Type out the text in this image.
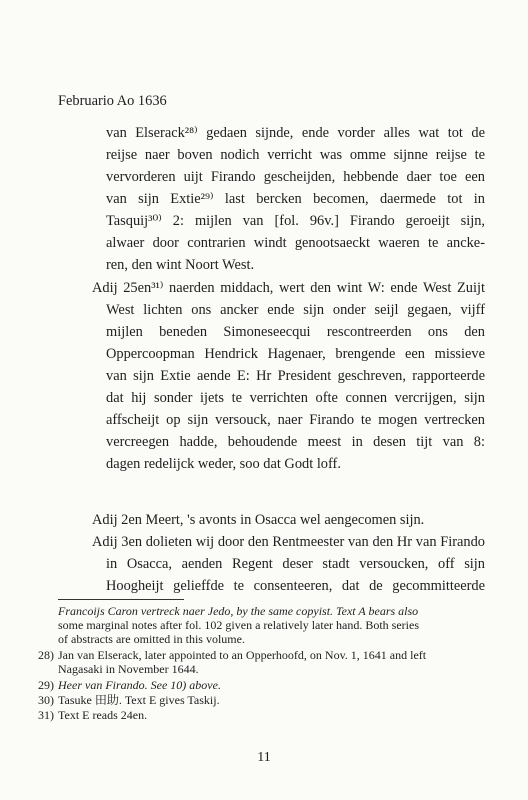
Februario Ao 1636
van Elserack²⁸⁾ gedaen sijnde, ende vorder alles wat tot de
reijse naer boven nodich verricht was omme sijnne reijse te
vervorderen uijt Firando gescheijden, hebbende daer toe een
van sijn Extie²⁹⁾ last bercken becomen, daermede tot in
Tasquij³⁰⁾ 2: mijlen van [fol. 96v.] Firando geroeijt sijn,
alwaer door contrarien windt genootsaeckt waeren te ancke-
ren, den wint Noort West.
Adij 25en³¹⁾ naerden middach, wert den wint W: ende West Zuijt
West lichten ons ancker ende sijn onder seijl gegaen, vijff
mijlen beneden Simoneseecqui rescontreerden ons den
Oppercoopman Hendrick Hagenaer, brengende een missieve
van sijn Extie aende E: Hr President geschreven, rapporteerde
dat hij sonder ijets te verrichten ofte connen vercrijgen, sijn
affscheijt op sijn versouck, naer Firando te mogen vertrecken
vercreegen hadde, behoudende meest in desen tijt van 8:
dagen redelijck weder, soo dat Godt loff.
Adij 2en Meert, 's avonts in Osacca wel aengecomen sijn.
Adij 3en dolieten wij door den Rentmeester van den Hr van Firando
in Osacca, aenden Regent deser stadt versoucken, off sijn
Hoogheijt gelieffde te consenteeren, dat de gecommitteerde
Francoijs Caron vertreck naer Jedo, by the same copyist. Text A bears also
some marginal notes after fol. 102 given a relatively later hand. Both series
of abstracts are omitted in this volume.
28) Jan van Elserack, later appointed to an Opperhoofd, on Nov. 1, 1641 and left
Nagasaki in November 1644.
29) Heer van Firando. See 10) above.
30) Tasuke 田助. Text E gives Taskij.
31) Text E reads 24en.
11
